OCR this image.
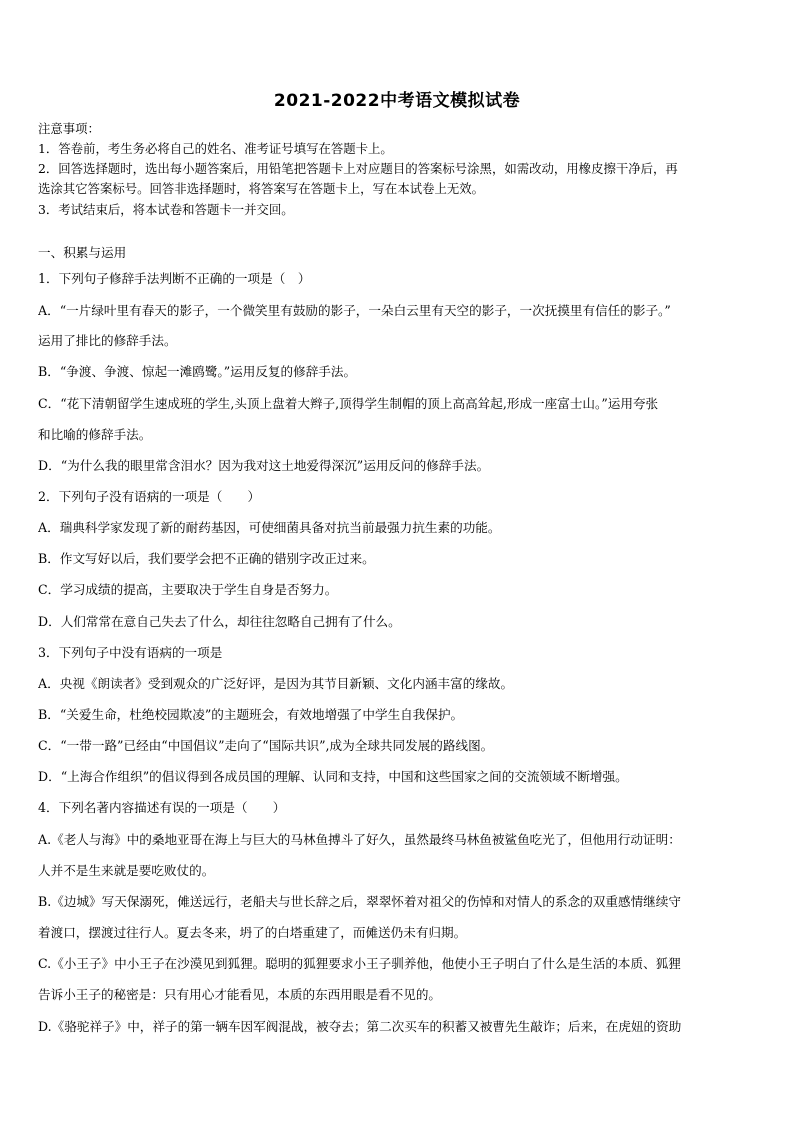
2021-2022中考语文模拟试卷
注意事项：
1．答卷前，考生务必将自己的姓名、准考证号填写在答题卡上。
2．回答选择题时，选出每小题答案后，用铅笔把答题卡上对应题目的答案标号涂黑，如需改动，用橡皮擦干净后，再
选涂其它答案标号。回答非选择题时，将答案写在答题卡上，写在本试卷上无效。
3．考试结束后，将本试卷和答题卡一并交回。
一、积累与运用
1．下列句子修辞手法判断不正确的一项是（　）
A．“一片绿叶里有春天的影子，一个微笑里有鼓励的影子，一朵白云里有天空的影子，一次抚摸里有信任的影子。”
运用了排比的修辞手法。
B．“争渡、争渡、惊起一滩鸥鹭。”运用反复的修辞手法。
C．“花下清朝留学生速成班的学生,头顶上盘着大辫子,顶得学生制帽的顶上高高耸起,形成一座富士山。”运用夸张
和比喻的修辞手法。
D．“为什么我的眼里常含泪水？因为我对这土地爱得深沉”运用反问的修辞手法。
2．下列句子没有语病的一项是（　　）
A．瑞典科学家发现了新的耐药基因，可使细菌具备对抗当前最强力抗生素的功能。
B．作文写好以后，我们要学会把不正确的错别字改正过来。
C．学习成绩的提高，主要取决于学生自身是否努力。
D．人们常常在意自己失去了什么，却往往忽略自己拥有了什么。
3．下列句子中没有语病的一项是
A．央视《朗读者》受到观众的广泛好评，是因为其节目新颖、文化内涵丰富的缘故。
B．“关爱生命，杜绝校园欺凌”的主题班会，有效地增强了中学生自我保护。
C．“一带一路”已经由“中国倡议”走向了“国际共识”,成为全球共同发展的路线图。
D．“上海合作组织”的倡议得到各成员国的理解、认同和支持，中国和这些国家之间的交流领域不断增强。
4．下列名著内容描述有误的一项是（　　）
A.《老人与海》中的桑地亚哥在海上与巨大的马林鱼搏斗了好久，虽然最终马林鱼被鲨鱼吃光了，但他用行动证明：
人并不是生来就是要吃败仗的。
B.《边城》写天保溺死，傩送远行，老船夫与世长辞之后，翠翠怀着对祖父的伤悼和对情人的系念的双重感情继续守
着渡口，摆渡过往行人。夏去冬来，坍了的白塔重建了，而傩送仍未有归期。
C.《小王子》中小王子在沙漠见到狐狸。聪明的狐狸要求小王子驯养他，他使小王子明白了什么是生活的本质、狐狸
告诉小王子的秘密是：只有用心才能看见，本质的东西用眼是看不见的。
D.《骆驼祥子》中，祥子的第一辆车因军阀混战，被夺去；第二次买车的积蓄又被曹先生敲诈；后来，在虎妞的资助
